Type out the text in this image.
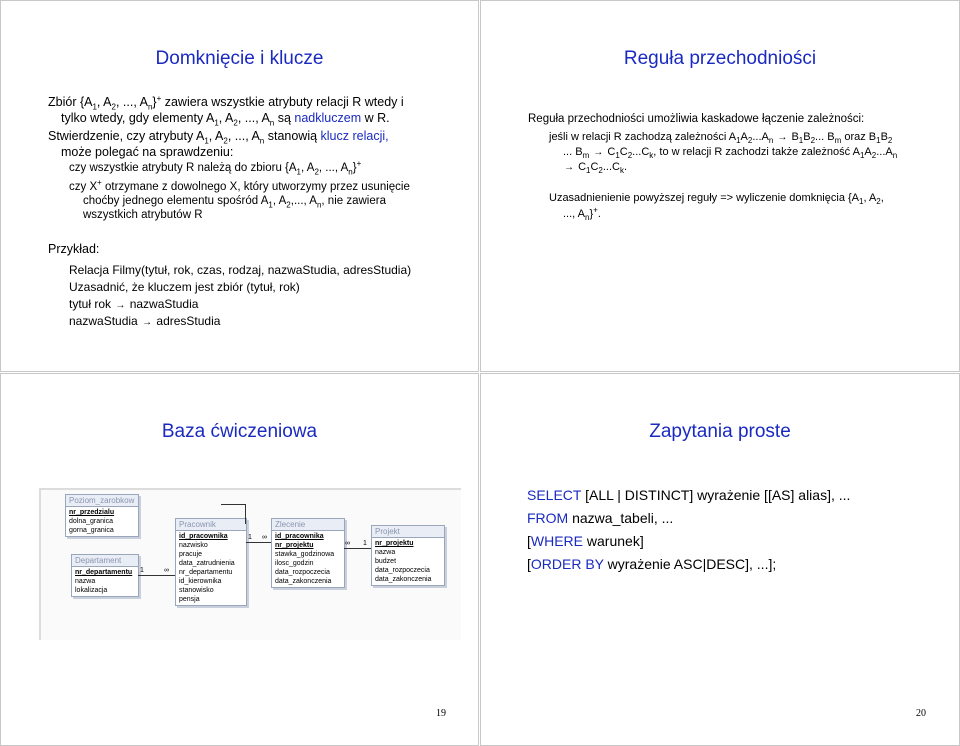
Domknięcie i klucze
Zbiór {$A_1$, $A_2$, ..., $A_n\}^+$ zawiera wszystkie atrybuty relacji R wtedy i
tylko wtedy, gdy elementy $A_1$, $A_2$, ..., $A_n$ są nadkluczem w R.
Stwierdzenie, czy atrybuty $A_1$, $A_2$, ..., $A_n$ stanowią klucz relacji,
może polegać na sprawdzeniu:
czy wszystkie atrybuty R należą do zbioru {$A_1$, $A_2$, ..., $A_n\}^+$
czy X+ otrzymane z dowolnego X, który utworzymy przez usunięcie
choćby jednego elementu spośród $A_1$, $A_2$,..., $A_n$, nie zawiera
wszystkich atrybutów R
Przykład:
Relacja Filmy(tytuł, rok, czas, rodzaj, nazwaStudia, adresStudia)
Uzasadnić, że kluczem jest zbiór (tytuł, rok)
tytuł rok → nazwaStudia
nazwaStudia → adresStudia
Reguła przechodniości
Reguła przechodniości umożliwia kaskadowe łączenie zależności:
jeśli w relacji R zachodzą zależności $A_1A_2...A_n \to B_1B_2$... $B_m$ oraz $B_1B_2$
... $B_m \to C_1C_2...C_k$, to w relacji R zachodzi także zależność $A_1A_2...A_n$
→ $C_1C_2...C_k$.
Uzasadnienienie powyższej reguły => wyliczenie domknięcia {$A_1$, $A_2$,
..., $A_n\}^+$.
Baza ćwiczeniowa
Poziom_zarobkow
nr_przedzialu
dolna_granica
gorna_granica
Departament
nr_departamentu
nazwa
lokalizacja
Pracownik
id_pracownika
nazwisko
pracuje
data_zatrudnienia
nr_departamentu
id_kierownika
stanowisko
pensja
Zlecenie
id_pracownika
nr_projektu
stawka_godzinowa
ilosc_godzin
data_rozpoczecia
data_zakonczenia
Projekt
nr_projektu
nazwa
budzet
data_rozpoczecia
data_zakonczenia
1	∞
1 ∞
∞ 1
19
Zapytania proste
SELECT [ALL | DISTINCT] wyrażenie [[AS] alias], ...
FROM nazwa_tabeli, ...
[WHERE warunek]
[ORDER BY wyrażenie ASC|DESC], ...];
20
